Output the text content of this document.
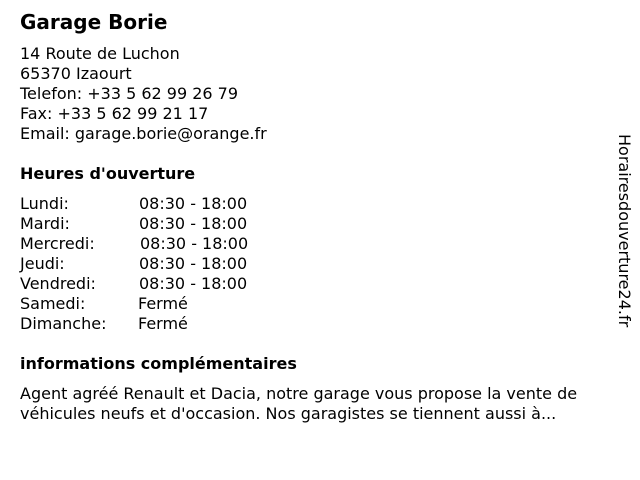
Garage Borie
14 Route de Luchon
65370 Izaourt
Telefon: +33 5 62 99 26 79
Fax: +33 5 62 99 21 17
Email: garage.borie@orange.fr
Heures d'ouverture
Lundi:	08:30 - 18:00
Mardi:	08:30 - 18:00
Mercredi:	08:30 - 18:00
Jeudi:	08:30 - 18:00
Vendredi:	08:30 - 18:00
Samedi:	Fermé
Dimanche: Fermé
informations complémentaires
Agent agréé Renault et Dacia, notre garage vous propose la vente de véhicules neufs et d'occasion. Nos garagistes se tiennent aussi à...
Horairesdouverture24.fr
